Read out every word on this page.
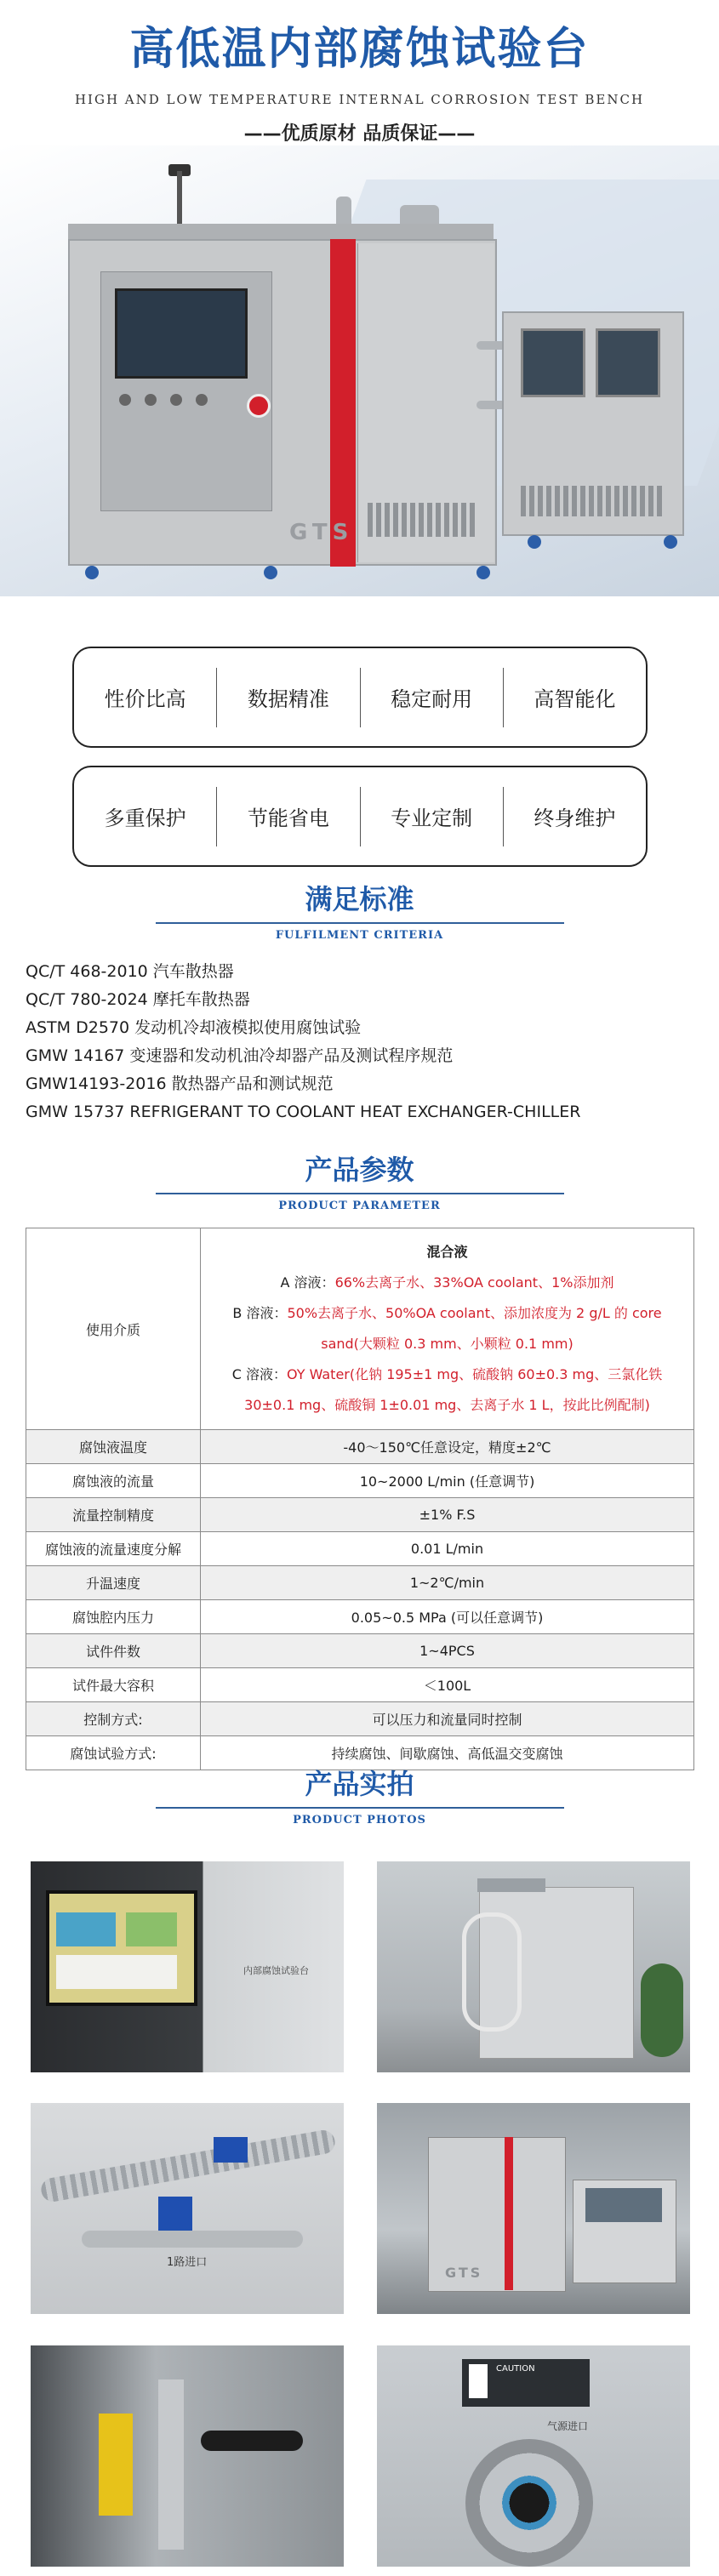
高低温内部腐蚀试验台
HIGH AND LOW TEMPERATURE INTERNAL CORROSION TEST BENCH
——优质原材 品质保证——
GTS
性价比高	数据精准	稳定耐用	高智能化
多重保护	节能省电	专业定制	终身维护
满足标准
FULFILMENT CRITERIA
QC/T 468-2010 汽车散热器
QC/T 780-2024 摩托车散热器
ASTM D2570 发动机冷却液模拟使用腐蚀试验
GMW 14167 变速器和发动机油冷却器产品及测试程序规范
GMW14193-2016 散热器产品和测试规范
GMW 15737 REFRIGERANT TO COOLANT HEAT EXCHANGER-CHILLER
产品参数
PRODUCT PARAMETER
使用介质	混合液
A 溶液：66%去离子水、33%OA coolant、1%添加剂
B 溶液：50%去离子水、50%OA coolant、添加浓度为 2 g/L 的 core sand(大颗粒 0.3 mm、小颗粒 0.1 mm)
C 溶液：OY Water(化钠 195±1 mg、硫酸钠 60±0.3 mg、三氯化铁 30±0.1 mg、硫酸铜 1±0.01 mg、去离子水 1 L，按此比例配制)

腐蚀液温度	-40～150℃任意设定，精度±2℃
腐蚀液的流量	10~2000 L/min (任意调节)
流量控制精度	±1% F.S
腐蚀液的流量速度分解	0.01 L/min
升温速度	1~2℃/min
腐蚀腔内压力	0.05~0.5 MPa (可以任意调节)
试件件数	1~4PCS
试件最大容积	＜100L
控制方式:	可以压力和流量同时控制
腐蚀试验方式:	持续腐蚀、间歇腐蚀、高低温交变腐蚀
产品实拍
PRODUCT PHOTOS
内部腐蚀试验台
1路进口
GTS
CAUTION
气源进口
